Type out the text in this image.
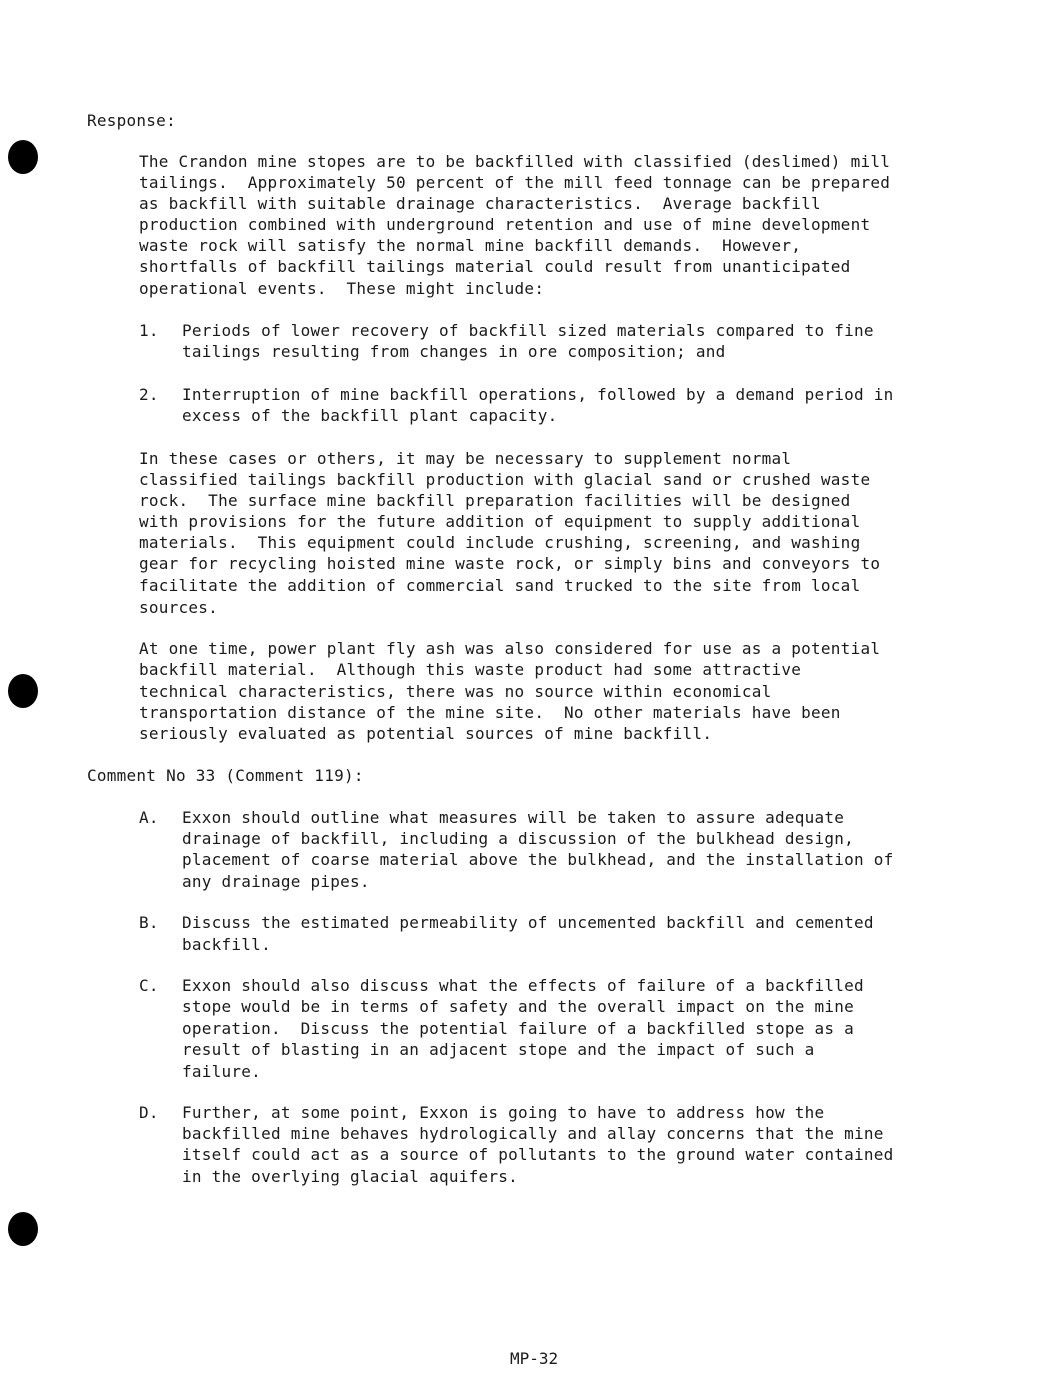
Response:
The Crandon mine stopes are to be backfilled with classified (deslimed) mill
tailings.  Approximately 50 percent of the mill feed tonnage can be prepared
as backfill with suitable drainage characteristics.  Average backfill
production combined with underground retention and use of mine development
waste rock will satisfy the normal mine backfill demands.  However,
shortfalls of backfill tailings material could result from unanticipated
operational events.  These might include:
1. Periods of lower recovery of backfill sized materials compared to fine
tailings resulting from changes in ore composition; and
2. Interruption of mine backfill operations, followed by a demand period in
excess of the backfill plant capacity.
In these cases or others, it may be necessary to supplement normal
classified tailings backfill production with glacial sand or crushed waste
rock.  The surface mine backfill preparation facilities will be designed
with provisions for the future addition of equipment to supply additional
materials.  This equipment could include crushing, screening, and washing
gear for recycling hoisted mine waste rock, or simply bins and conveyors to
facilitate the addition of commercial sand trucked to the site from local
sources.
At one time, power plant fly ash was also considered for use as a potential
backfill material.  Although this waste product had some attractive
technical characteristics, there was no source within economical
transportation distance of the mine site.  No other materials have been
seriously evaluated as potential sources of mine backfill.
Comment No 33 (Comment 119):
A. Exxon should outline what measures will be taken to assure adequate
drainage of backfill, including a discussion of the bulkhead design,
placement of coarse material above the bulkhead, and the installation of
any drainage pipes.
B. Discuss the estimated permeability of uncemented backfill and cemented
backfill.
C. Exxon should also discuss what the effects of failure of a backfilled
stope would be in terms of safety and the overall impact on the mine
operation.  Discuss the potential failure of a backfilled stope as a
result of blasting in an adjacent stope and the impact of such a
failure.
D. Further, at some point, Exxon is going to have to address how the
backfilled mine behaves hydrologically and allay concerns that the mine
itself could act as a source of pollutants to the ground water contained
in the overlying glacial aquifers.
MP-32
